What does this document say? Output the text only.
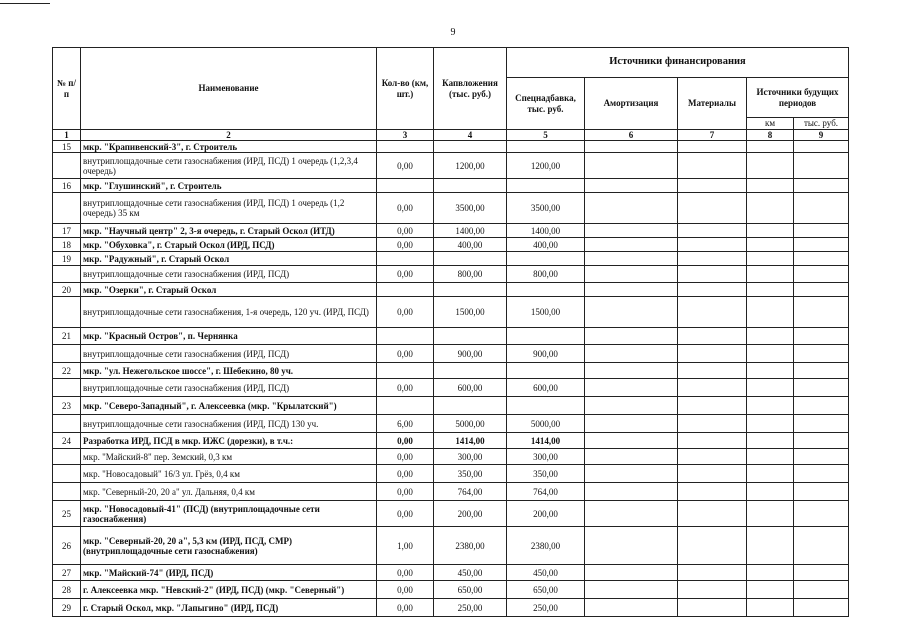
9
№ п/п	Наименование	Кол-во (км, шт.)	Капвложения (тыс. руб.)	Источники финансирования				
				Спецнадбавка, тыс. руб.	Амортизация	Материалы	Источники будущих периодов	
							км	тыс. руб.
1	2	3	4	5	6	7	8	9
15	мкр. "Крапивенский-3", г. Строитель							
	внутриплощадочные сети газоснабжения (ИРД, ПСД) 1 очередь (1,2,3,4 очередь)	0,00	1200,00	1200,00				
16	мкр. "Глушинский", г. Строитель							
	внутриплощадочные сети газоснабжения (ИРД, ПСД) 1 очередь (1,2 очередь) 35 км	0,00	3500,00	3500,00				
17	мкр. "Научный центр" 2, 3-я очередь, г. Старый Оскол (ИТД)	0,00	1400,00	1400,00				
18	мкр. "Обуховка", г. Старый Оскол (ИРД, ПСД)	0,00	400,00	400,00				
19	мкр. "Радужный", г. Старый Оскол							
	внутриплощадочные сети газоснабжения (ИРД, ПСД)	0,00	800,00	800,00				
20	мкр. "Озерки", г. Старый Оскол							
	внутриплощадочные сети газоснабжения, 1-я очередь, 120 уч. (ИРД, ПСД)	0,00	1500,00	1500,00				
21	мкр. "Красный Остров", п. Чернянка							
	внутриплощадочные сети газоснабжения (ИРД, ПСД)	0,00	900,00	900,00				
22	мкр. "ул. Нежегольское шоссе", г. Шебекино, 80 уч.							
	внутриплощадочные сети газоснабжения (ИРД, ПСД)	0,00	600,00	600,00				
23	мкр. "Северо-Западный", г. Алексеевка (мкр. "Крылатский")							
	внутриплощадочные сети газоснабжения (ИРД, ПСД) 130 уч.	6,00	5000,00	5000,00				
24	Разработка ИРД, ПСД в мкр. ИЖС (дорезки), в т.ч.:	0,00	1414,00	1414,00				
	мкр. "Майский-8" пер. Земский, 0,3 км	0,00	300,00	300,00				
	мкр. "Новосадовый" 16/3 ул. Грёз, 0,4 км	0,00	350,00	350,00				
	мкр. "Северный-20, 20 а" ул. Дальняя, 0,4 км	0,00	764,00	764,00				
25	мкр. "Новосадовый-41" (ПСД) (внутриплощадочные сети газоснабжения)	0,00	200,00	200,00				
26	мкр. "Северный-20, 20 а", 5,3 км (ИРД, ПСД, СМР) (внутриплощадочные сети газоснабжения)	1,00	2380,00	2380,00				
27	мкр. "Майский-74" (ИРД, ПСД)	0,00	450,00	450,00				
28	г. Алексеевка мкр. "Невский-2" (ИРД, ПСД) (мкр. "Северный")	0,00	650,00	650,00				
29	г. Старый Оскол, мкр. "Лапыгино" (ИРД, ПСД)	0,00	250,00	250,00				
